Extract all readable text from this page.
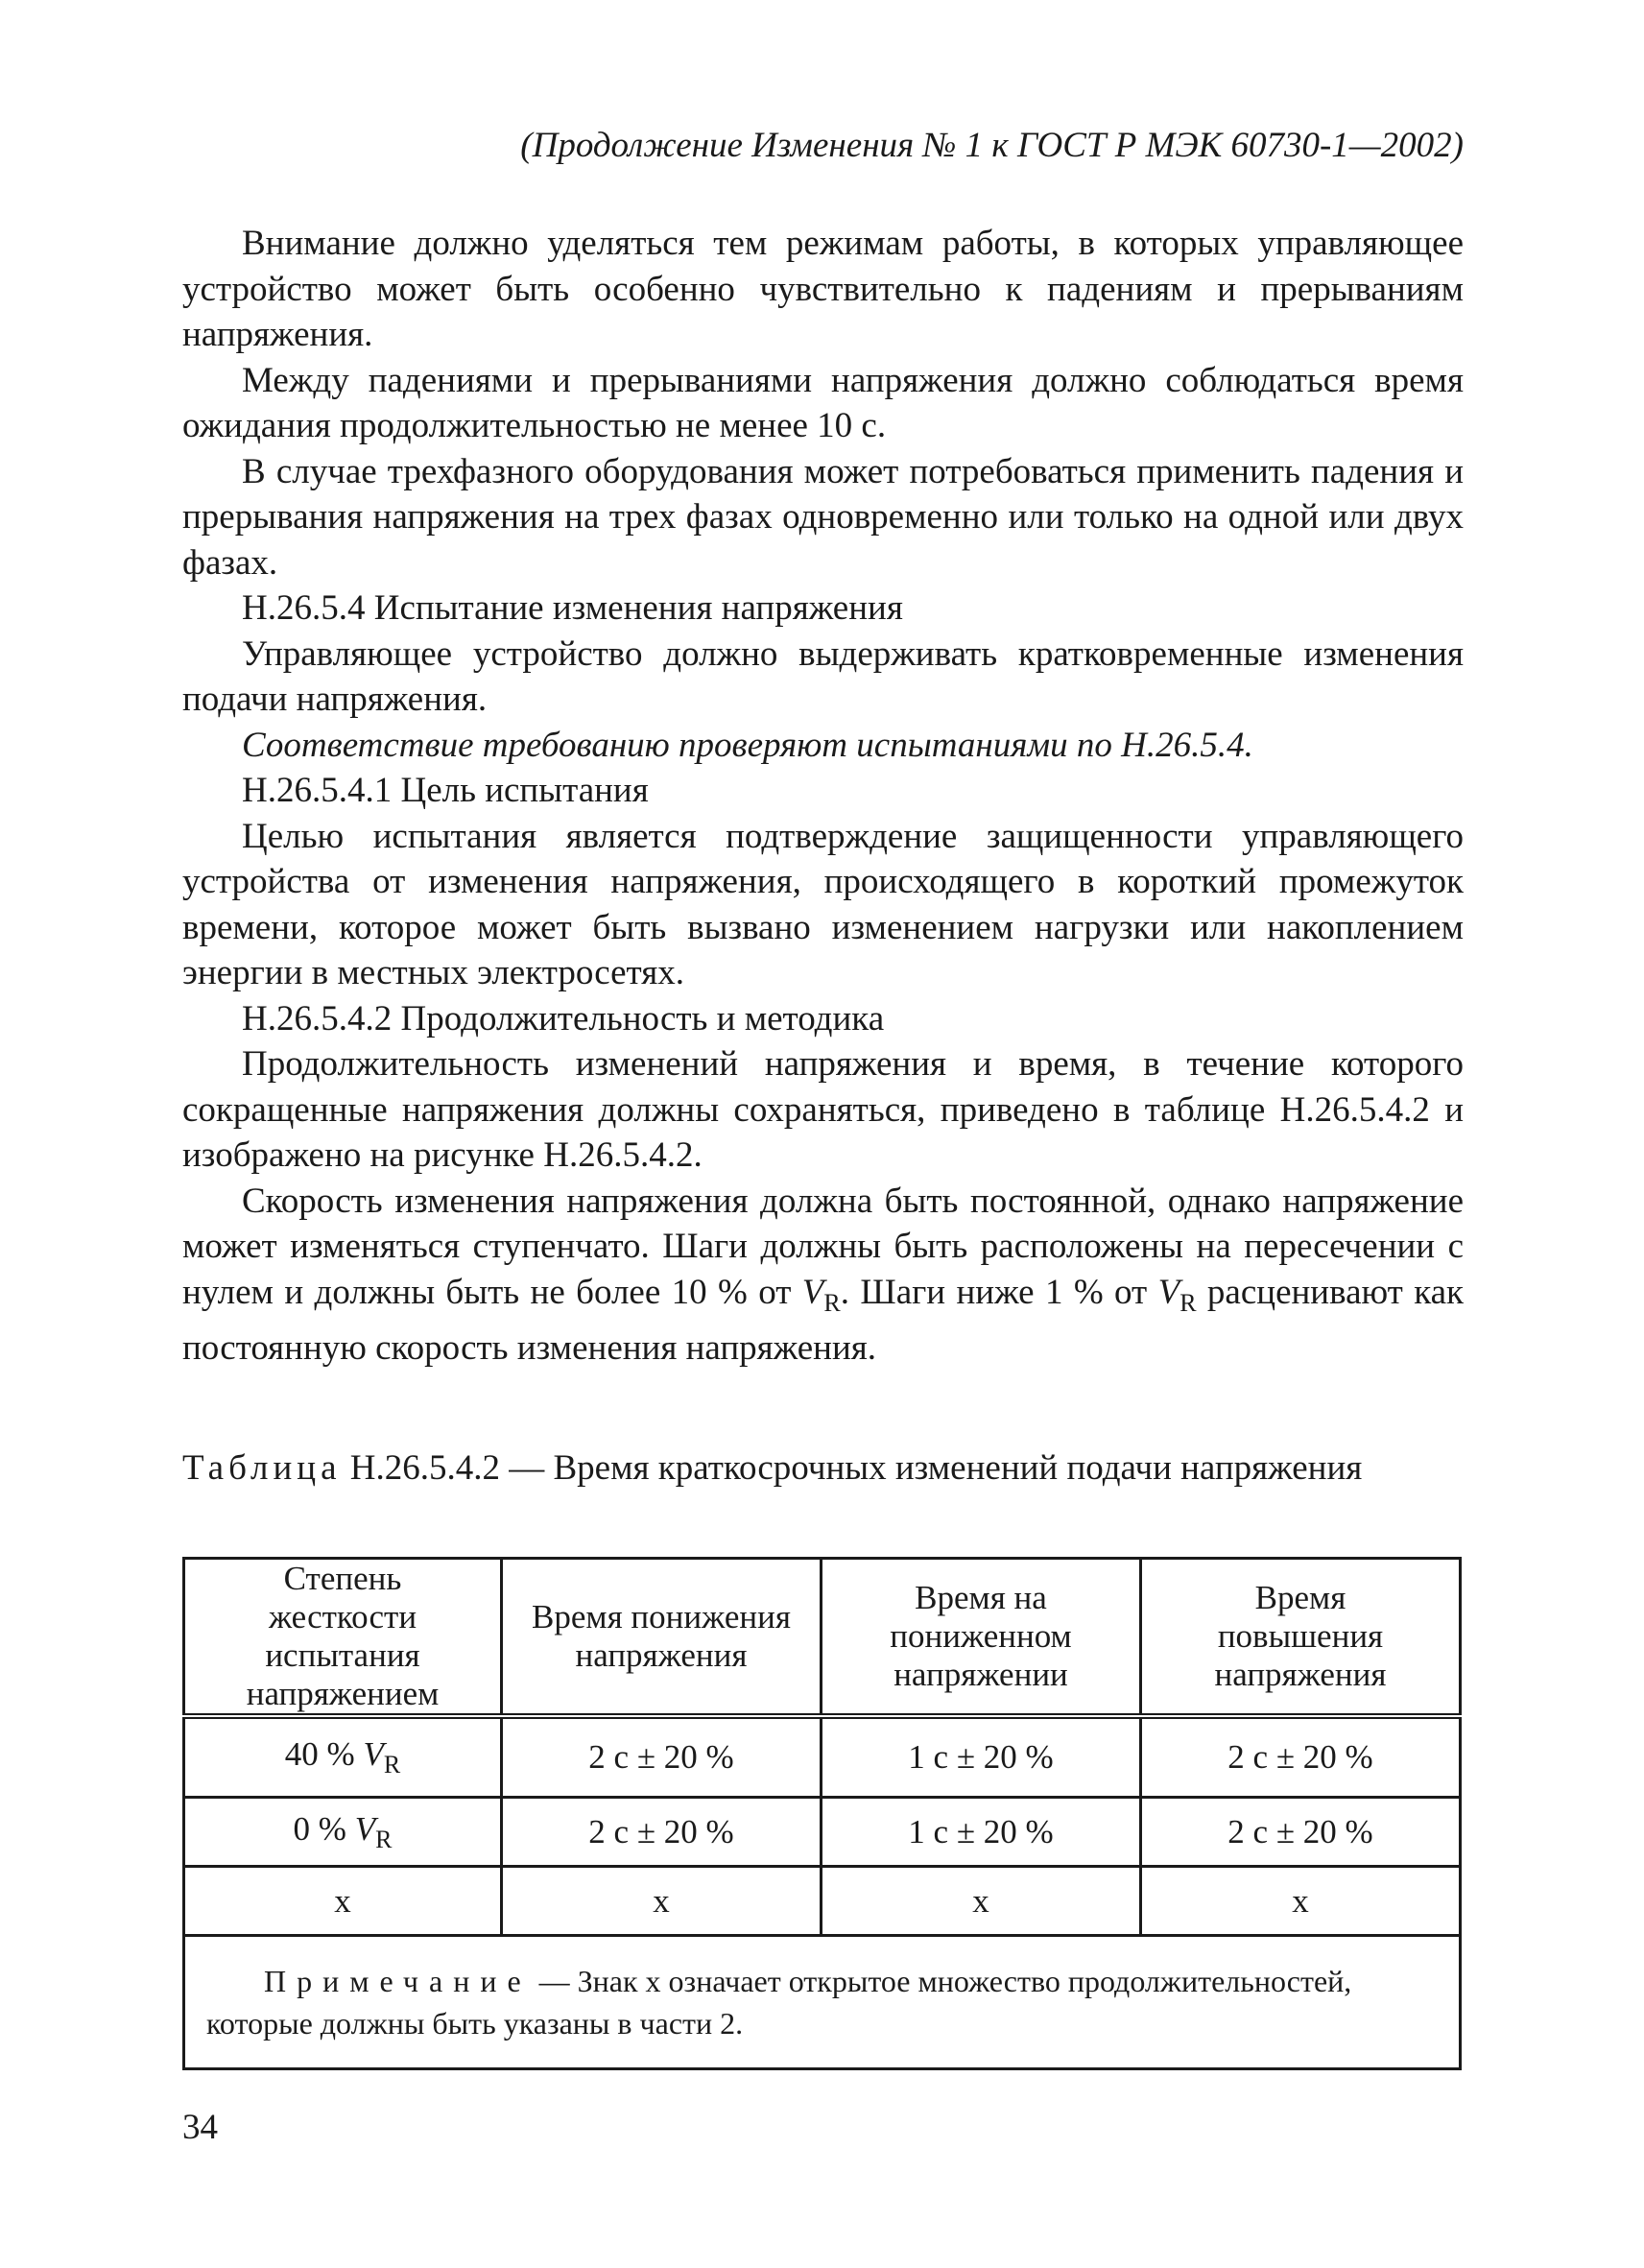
(Продолжение Изменения № 1 к ГОСТ Р МЭК 60730-1—2002)

Внимание должно уделяться тем режимам работы, в которых управляющее устройство может быть особенно чувствительно к падениям и прерываниям напряжения.

Между падениями и прерываниями напряжения должно соблюдаться время ожидания продолжительностью не менее 10 с.

В случае трехфазного оборудования может потребоваться применить падения и прерывания напряжения на трех фазах одновременно или только на одной или двух фазах.

Н.26.5.4 Испытание изменения напряжения

Управляющее устройство должно выдерживать кратковременные изменения подачи напряжения.

Соответствие требованию проверяют испытаниями по Н.26.5.4.

Н.26.5.4.1 Цель испытания

Целью испытания является подтверждение защищенности управляющего устройства от изменения напряжения, происходящего в короткий промежуток времени, которое может быть вызвано изменением нагрузки или накоплением энергии в местных электросетях.

Н.26.5.4.2 Продолжительность и методика

Продолжительность изменений напряжения и время, в течение которого сокращенные напряжения должны сохраняться, приведено в таблице Н.26.5.4.2 и изображено на рисунке Н.26.5.4.2.

Скорость изменения напряжения должна быть постоянной, однако напряжение может изменяться ступенчато. Шаги должны быть расположены на пересечении с нулем и должны быть не более 10 % от $V_R$. Шаги ниже 1 % от $V_R$ расценивают как постоянную скорость изменения напряжения.

Таблица Н.26.5.4.2 — Время краткосрочных изменений подачи напряжения
Степень жесткости испытания напряжением	Время понижения напряжения	Время на пониженном напряжении	Время повышения напряжения
40 % $V_R$	2 с ± 20 %	1 с ± 20 %	2 с ± 20 %
0 % $V_R$	2 с ± 20 %	1 с ± 20 %	2 с ± 20 %
x	x	x	x
Примечание — Знак x означает открытое множество продолжительностей, которые должны быть указаны в части 2.			
34
